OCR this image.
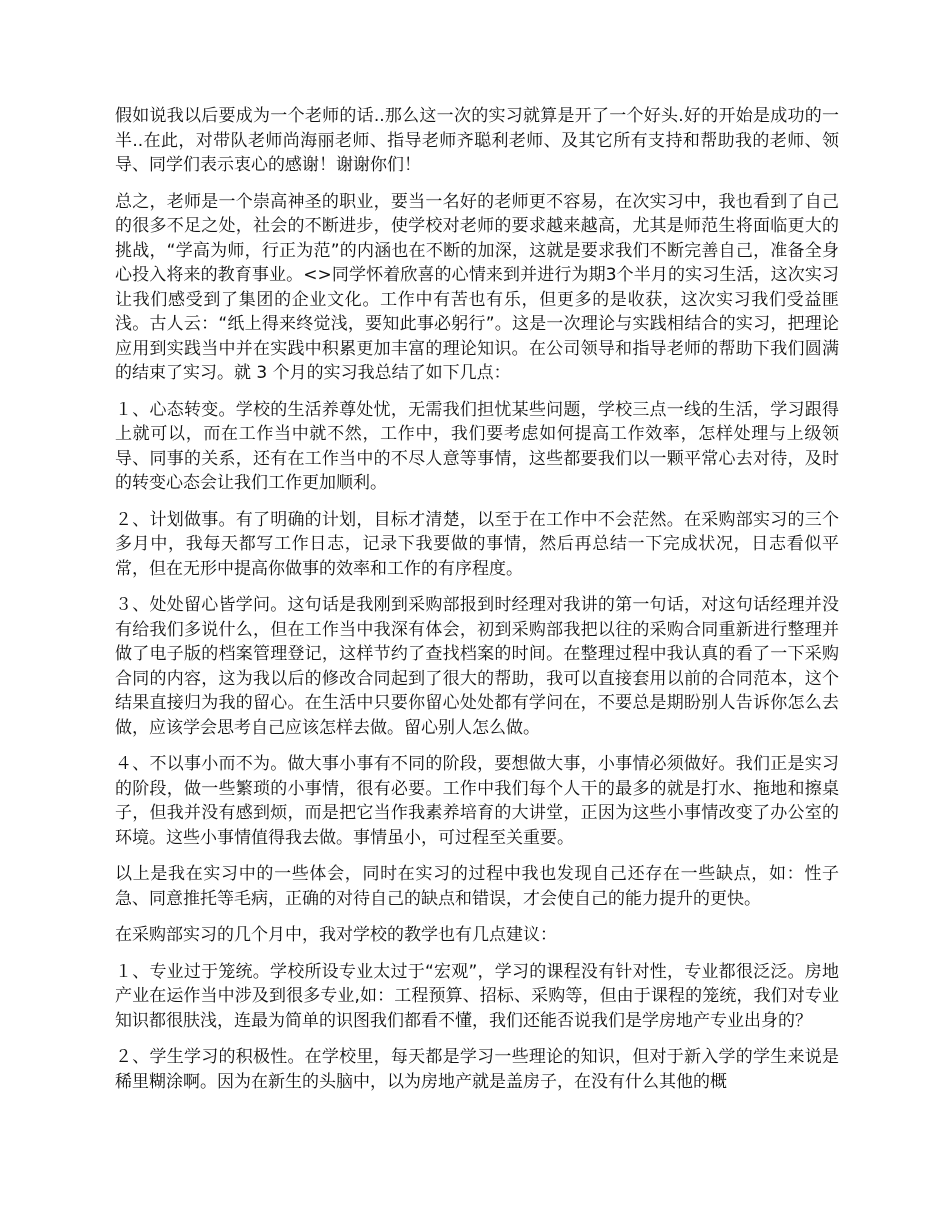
假如说我以后要成为一个老师的话..那么这一次的实习就算是开了一个好头.好的开始是成功的一半..在此，对带队老师尚海丽老师、指导老师齐聪利老师、及其它所有支持和帮助我的老师、领导、同学们表示衷心的感谢！谢谢你们！

总之，老师是一个崇高神圣的职业，要当一名好的老师更不容易，在次实习中，我也看到了自己的很多不足之处，社会的不断进步，使学校对老师的要求越来越高，尤其是师范生将面临更大的挑战，“学高为师，行正为范”的内涵也在不断的加深，这就是要求我们不断完善自己，准备全身心投入将来的教育事业。<>同学怀着欣喜的心情来到并进行为期3个半月的实习生活，这次实习让我们感受到了集团的企业文化。工作中有苦也有乐，但更多的是收获，这次实习我们受益匪浅。古人云：“纸上得来终觉浅，要知此事必躬行”。这是一次理论与实践相结合的实习，把理论应用到实践当中并在实践中积累更加丰富的理论知识。在公司领导和指导老师的帮助下我们圆满的结束了实习。就 3 个月的实习我总结了如下几点：

１、心态转变。学校的生活养尊处忧，无需我们担忧某些问题，学校三点一线的生活，学习跟得上就可以，而在工作当中就不然，工作中，我们要考虑如何提高工作效率，怎样处理与上级领导、同事的关系，还有在工作当中的不尽人意等事情，这些都要我们以一颗平常心去对待，及时的转变心态会让我们工作更加顺利。

２、计划做事。有了明确的计划，目标才清楚，以至于在工作中不会茫然。在采购部实习的三个多月中，我每天都写工作日志，记录下我要做的事情，然后再总结一下完成状况，日志看似平常，但在无形中提高你做事的效率和工作的有序程度。

３、处处留心皆学问。这句话是我刚到采购部报到时经理对我讲的第一句话，对这句话经理并没有给我们多说什么，但在工作当中我深有体会，初到采购部我把以往的采购合同重新进行整理并做了电子版的档案管理登记，这样节约了查找档案的时间。在整理过程中我认真的看了一下采购合同的内容，这为我以后的修改合同起到了很大的帮助，我可以直接套用以前的合同范本，这个结果直接归为我的留心。在生活中只要你留心处处都有学问在，不要总是期盼别人告诉你怎么去做，应该学会思考自己应该怎样去做。留心别人怎么做。

４、不以事小而不为。做大事小事有不同的阶段，要想做大事，小事情必须做好。我们正是实习的阶段，做一些繁琐的小事情，很有必要。工作中我们每个人干的最多的就是打水、拖地和擦桌子，但我并没有感到烦，而是把它当作我素养培育的大讲堂，正因为这些小事情改变了办公室的环境。这些小事情值得我去做。事情虽小，可过程至关重要。

以上是我在实习中的一些体会，同时在实习的过程中我也发现自己还存在一些缺点，如：性子急、同意推托等毛病，正确的对待自己的缺点和错误，才会使自己的能力提升的更快。

在采购部实习的几个月中，我对学校的教学也有几点建议：

１、专业过于笼统。学校所设专业太过于“宏观”，学习的课程没有针对性，专业都很泛泛。房地产业在运作当中涉及到很多专业,如：工程预算、招标、采购等，但由于课程的笼统，我们对专业知识都很肤浅，连最为简单的识图我们都看不懂，我们还能否说我们是学房地产专业出身的？

２、学生学习的积极性。在学校里，每天都是学习一些理论的知识，但对于新入学的学生来说是稀里糊涂啊。因为在新生的头脑中，以为房地产就是盖房子，在没有什么其他的概
